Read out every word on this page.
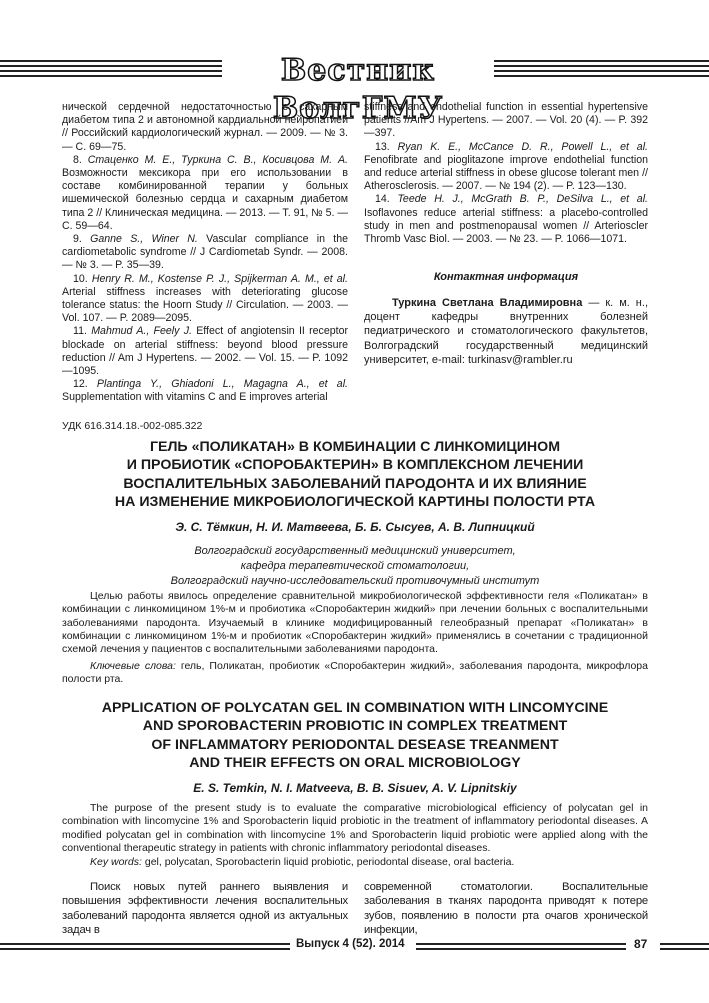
Вестник ВолгГМУ

ническoй сердечной недостаточностью с сахарным диабетом типа 2 и автономной кардиальной нейропатией // Российский кардиологический журнал. — 2009. — № 3. — С. 69—75.

8. Стаценко М. Е., Туркина С. В., Косивцова М. А. Возможности мексикора при его использовании в составе комбинированной терапии у больных ишемической болезнью сердца и сахарным диабетом типа 2 // Клиническая медицина. — 2013. — Т. 91, № 5. — С. 59—64.

9. Ganne S., Winer N. Vascular compliance in the cardiometabolic syndrome // J Cardiometab Syndr. — 2008. — № 3. — P. 35—39.

10. Henry R. M., Kostense P. J., Spijkerman A. M., et al. Arterial stiffness increases with deteriorating glucose tolerance status: the Hoorn Study // Circulation. — 2003. — Vol. 107. — P. 2089—2095.

11. Mahmud A., Feely J. Effect of angiotensin II receptor blockade on arterial stiffness: beyond blood pressure reduction // Am J Hypertens. — 2002. — Vol. 15. — P. 1092—1095.

12. Plantinga Y., Ghiadoni L., Magagna A., et al. Supplementation with vitamins C and E improves arterial

stiffness and endothelial function in essential hypertensive patients //Am J Hypertens. — 2007. — Vol. 20 (4). — P. 392—397.

13. Ryan K. E., McCance D. R., Powell L., et al. Fenofibrate and pioglitazone improve endothelial function and reduce arterial stiffness in obese glucose tolerant men // Atherosclerosis. — 2007. — № 194 (2). — P. 123—130.

14. Teede H. J., McGrath B. P., DeSilva L., et al. Isoflavones reduce arterial stiffness: a placebo-controlled study in men and postmenopausal women // Arterioscler Thromb Vasc Biol. — 2003. — № 23. — P. 1066—1071.

Контактная информация

Туркина Светлана Владимировна — к. м. н., доцент кафедры внутренних болезней педиатрического и стоматологического факультетов, Волгоградский государственный медицинский университет, e-mail: turkinasv@rambler.ru

УДК 616.314.18.-002-085.322
ГЕЛЬ «ПОЛИКАТАН» В КОМБИНАЦИИ С ЛИНКОМИЦИНОМ
И ПРОБИОТИК «СПОРОБАКТЕРИН» В КОМПЛЕКСНОМ ЛЕЧЕНИИ
ВОСПАЛИТЕЛЬНЫХ ЗАБОЛЕВАНИЙ ПАРОДОНТА И ИХ ВЛИЯНИЕ
НА ИЗМЕНЕНИЕ МИКРОБИОЛОГИЧЕСКОЙ КАРТИНЫ ПОЛОСТИ РТА
Э. С. Тёмкин, Н. И. Матвеева, Б. Б. Сысуев, А. В. Липницкий
Волгоградский государственный медицинский университет,
кафедра терапевтической стоматологии,
Волгоградский научно-исследовательский противочумный институт

Целью работы явилось определение сравнительной микробиологической эффективности геля «Поликатан» в комбинации с линкомицином 1%-м и пробиотика «Споробактерин жидкий» при лечении больных с воспалительными заболеваниями пародонта. Изучаемый в клинике модифицированный гелеобразный препарат «Поликатан» в комбинации с линкомицином 1%-м и пробиотик «Споробактерин жидкий» применялись в сочетании с традиционной схемой лечения у пациентов с воспалительными заболеваниями пародонта.

Ключевые слова: гель, Поликатан, пробиотик «Споробактерин жидкий», заболевания пародонта, микрофлора полости рта.
APPLICATION OF POLYCATAN GEL IN COMBINATION WITH LINCOMYCINE
AND SPOROBACTERIN PROBIOTIC IN COMPLEX TREATMENT
OF INFLAMMATORY PERIODONTAL DESEASE TREANMENT
AND THEIR EFFECTS ON ORAL MICROBIOLOGY
E. S. Temkin, N. I. Matveeva, B. B. Sisuev, A. V. Lipnitskiy

The purpose of the present study is to evaluate the comparative microbiological efficiency of polycatan gel in combination with lincomycine 1% and Sporobacterin liquid probiotic in the treatment of inflammatory periodontal diseases. A modified polycatan gel in combination with lincomycine 1% and Sporobacterin liquid probiotic were applied along with the conventional therapeutic strategy in patients with chronic inflammatory periodontal diseases.

Key words: gel, polycatan, Sporobacterin liquid probiotic, periodontal disease, oral bacteria.

Поиск новых путей раннего выявления и повышения эффективности лечения воспалительных заболеваний пародонта является одной из актуальных задач в

современной стоматологии. Воспалительные заболевания в тканях пародонта приводят к потере зубов, появлению в полости рта очагов хронической инфекции,

Выпуск 4 (52). 2014	87
